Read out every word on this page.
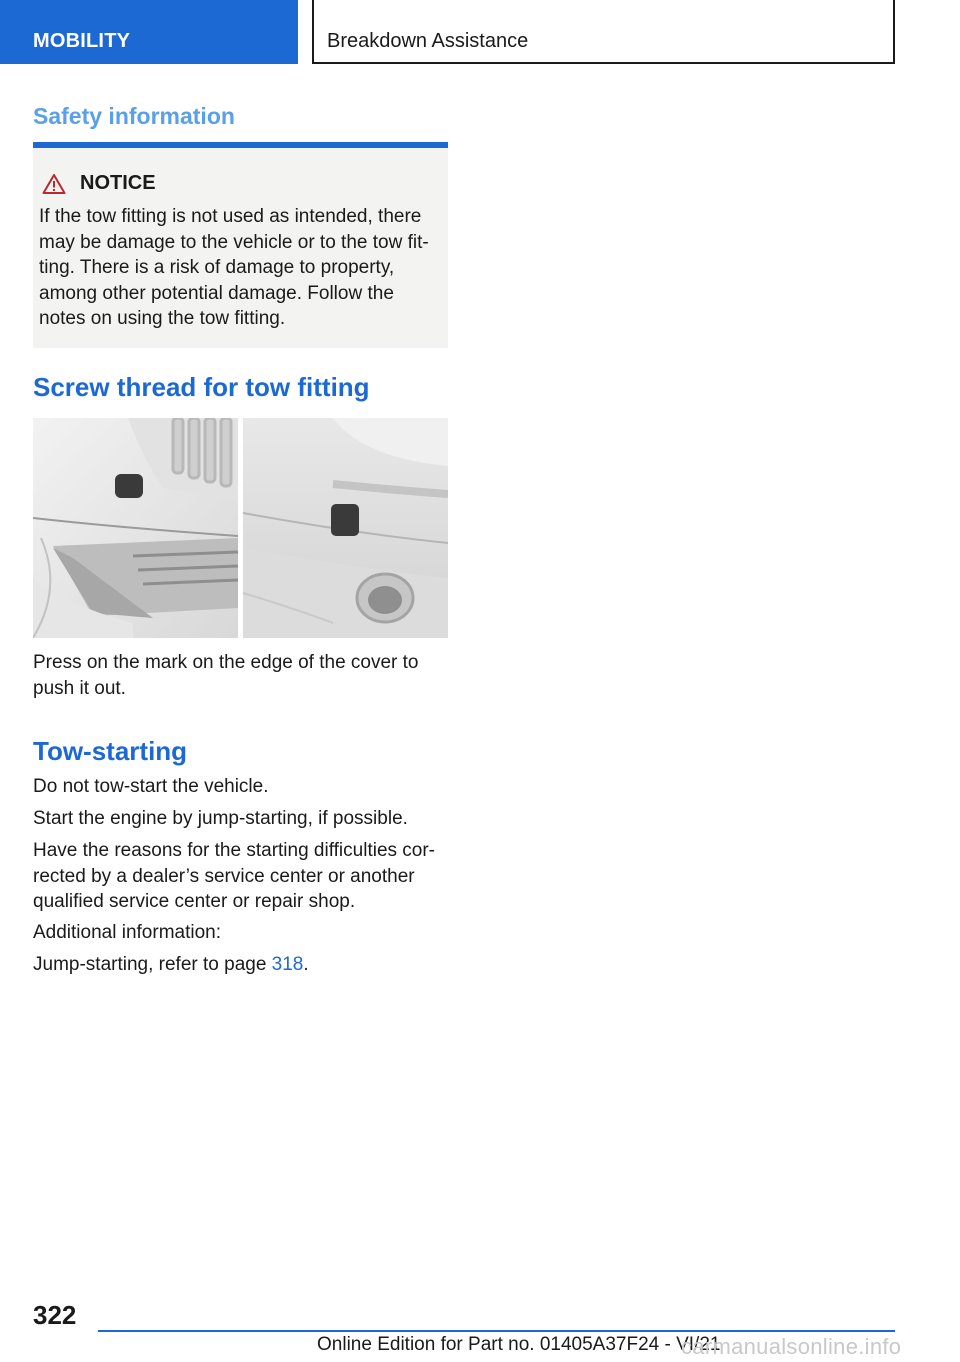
MOBILITY	Breakdown Assistance
Safety information
NOTICE

If the tow fitting is not used as intended, there
may be damage to the vehicle or to the tow fit‐
ting. There is a risk of damage to property,
among other potential damage. Follow the
notes on using the tow fitting.

Screw thread for tow fitting

Press on the mark on the edge of the cover to
push it out.

Tow-starting

Do not tow-start the vehicle.

Start the engine by jump-starting, if possible.

Have the reasons for the starting difficulties cor‐
rected by a dealer’s service center or another
qualified service center or repair shop.

Additional information:

Jump-starting, refer to page 318.

322

Online Edition for Part no. 01405A37F24 - VI/21
carmanualsonline.info
